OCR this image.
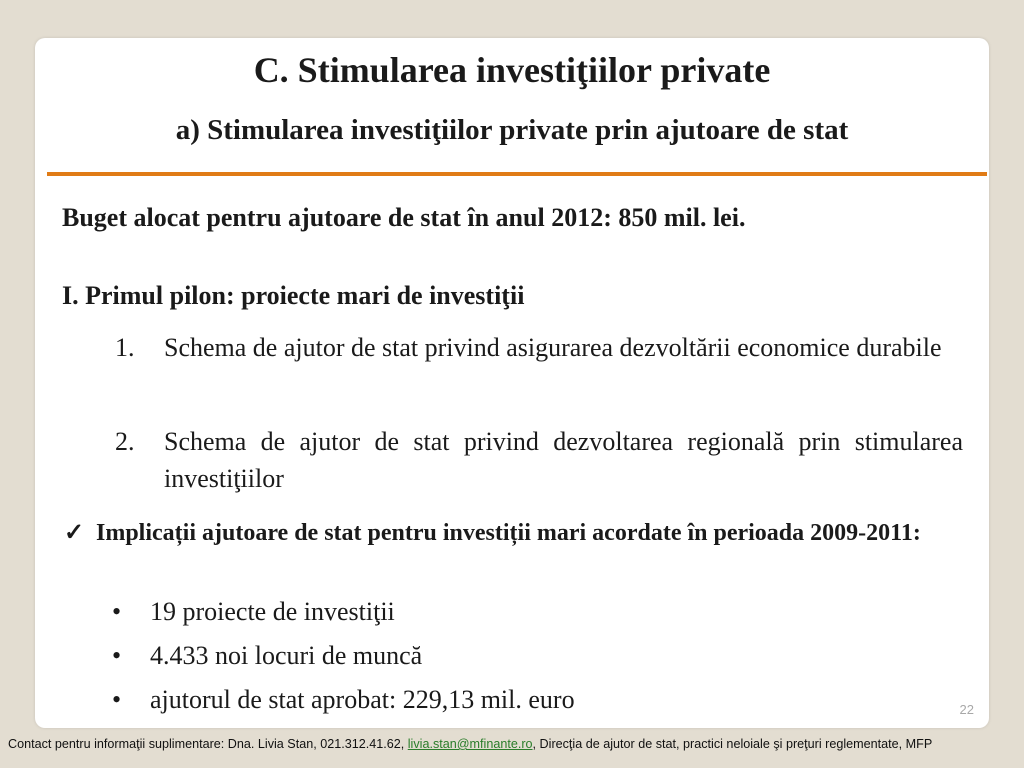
C. Stimularea investiţiilor private
a) Stimularea investiţiilor private prin ajutoare de stat

Buget alocat pentru ajutoare de stat în anul 2012: 850 mil. lei.

I. Primul pilon: proiecte mari de investiţii

1. Schema de ajutor de stat privind asigurarea dezvoltării economice durabile
2. Schema de ajutor de stat privind dezvoltarea regională prin stimularea investiţiilor
✓ Implicații ajutoare de stat pentru investiții mari acordate în perioada 2009-2011:
• 19 proiecte de investiţii
• 4.433 noi locuri de muncă
• ajutorul de stat aprobat: 229,13 mil. euro	22
Contact pentru informaţii suplimentare: Dna. Livia Stan, 021.312.41.62, livia.stan@mfinante.ro, Direcţia de ajutor de stat, practici neloiale şi preţuri reglementate, MFP
